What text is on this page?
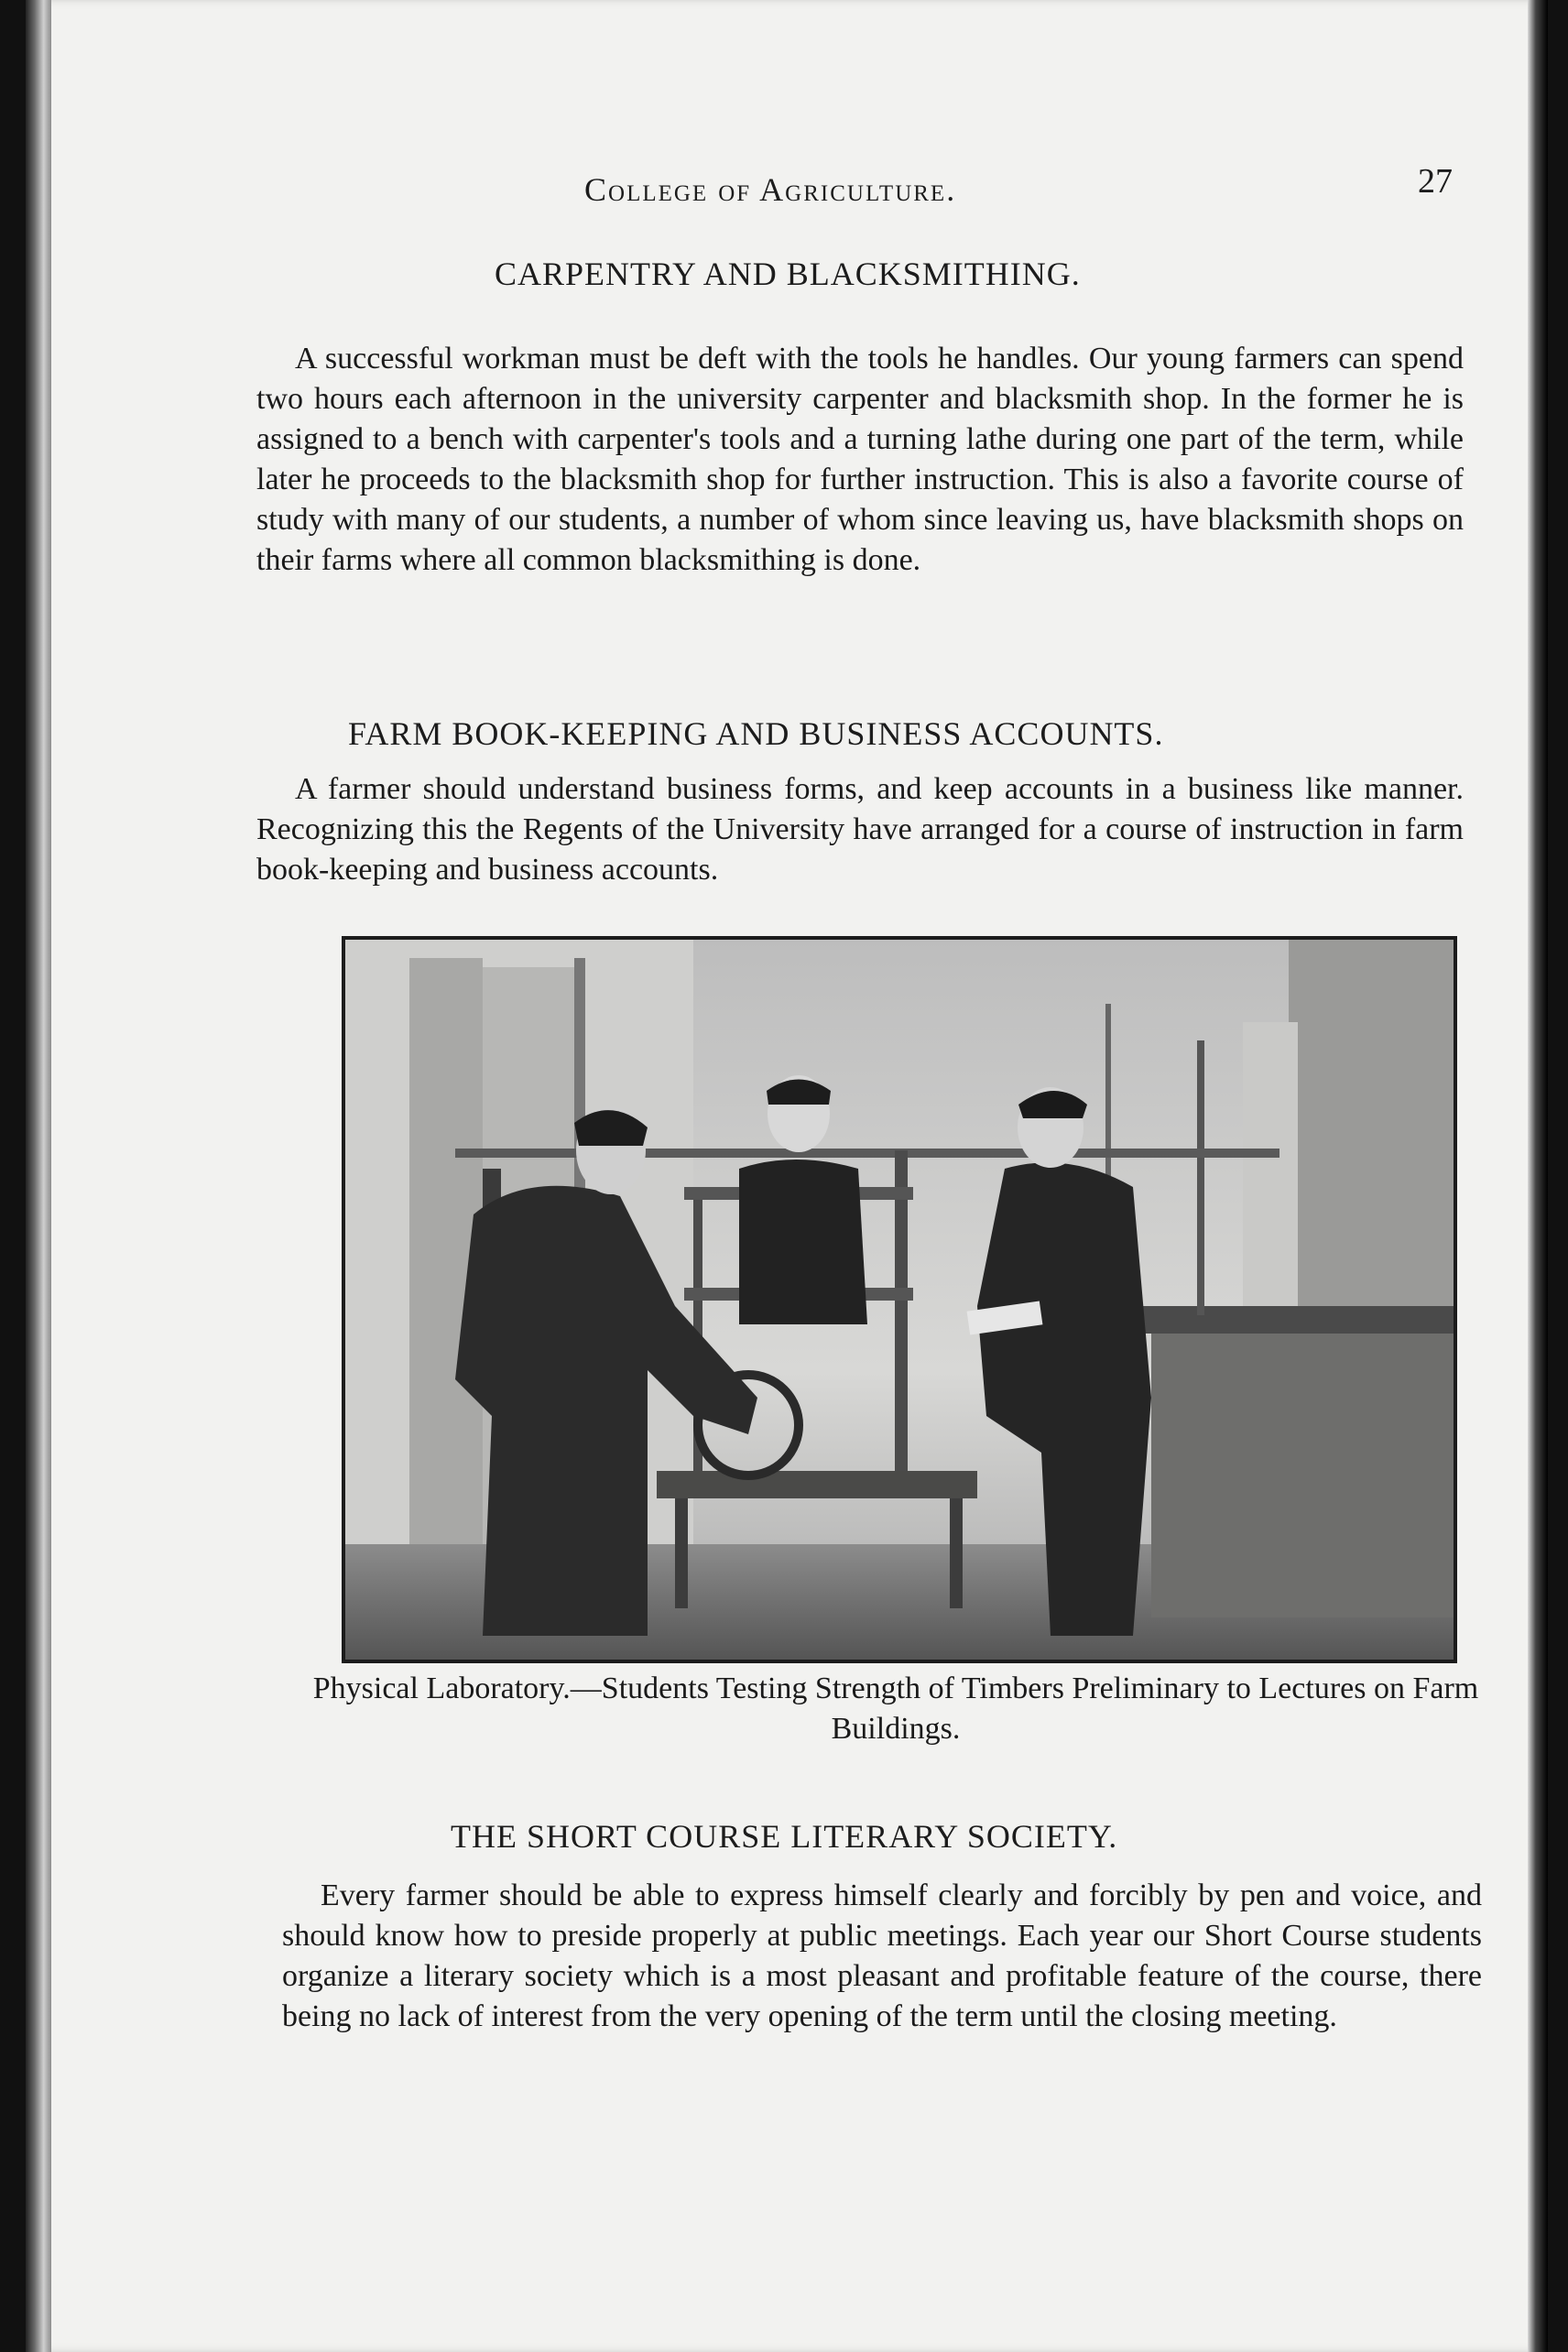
College of Agriculture.	27
CARPENTRY AND BLACKSMITHING.
A successful workman must be deft with the tools he handles. Our young farmers can spend two hours each afternoon in the university carpenter and blacksmith shop. In the former he is assigned to a bench with carpenter's tools and a turning lathe during one part of the term, while later he proceeds to the blacksmith shop for further instruction. This is also a favorite course of study with many of our students, a number of whom since leaving us, have blacksmith shops on their farms where all common blacksmithing is done.
FARM BOOK-KEEPING AND BUSINESS ACCOUNTS.
A farmer should understand business forms, and keep accounts in a business like manner. Recognizing this the Regents of the University have arranged for a course of instruction in farm book-keeping and business accounts.
Physical Laboratory.—Students Testing Strength of Timbers Preliminary to Lectures on Farm Buildings.
THE SHORT COURSE LITERARY SOCIETY.
Every farmer should be able to express himself clearly and forcibly by pen and voice, and should know how to preside properly at public meetings. Each year our Short Course students organize a literary society which is a most pleasant and profitable feature of the course, there being no lack of interest from the very opening of the term until the closing meeting.
